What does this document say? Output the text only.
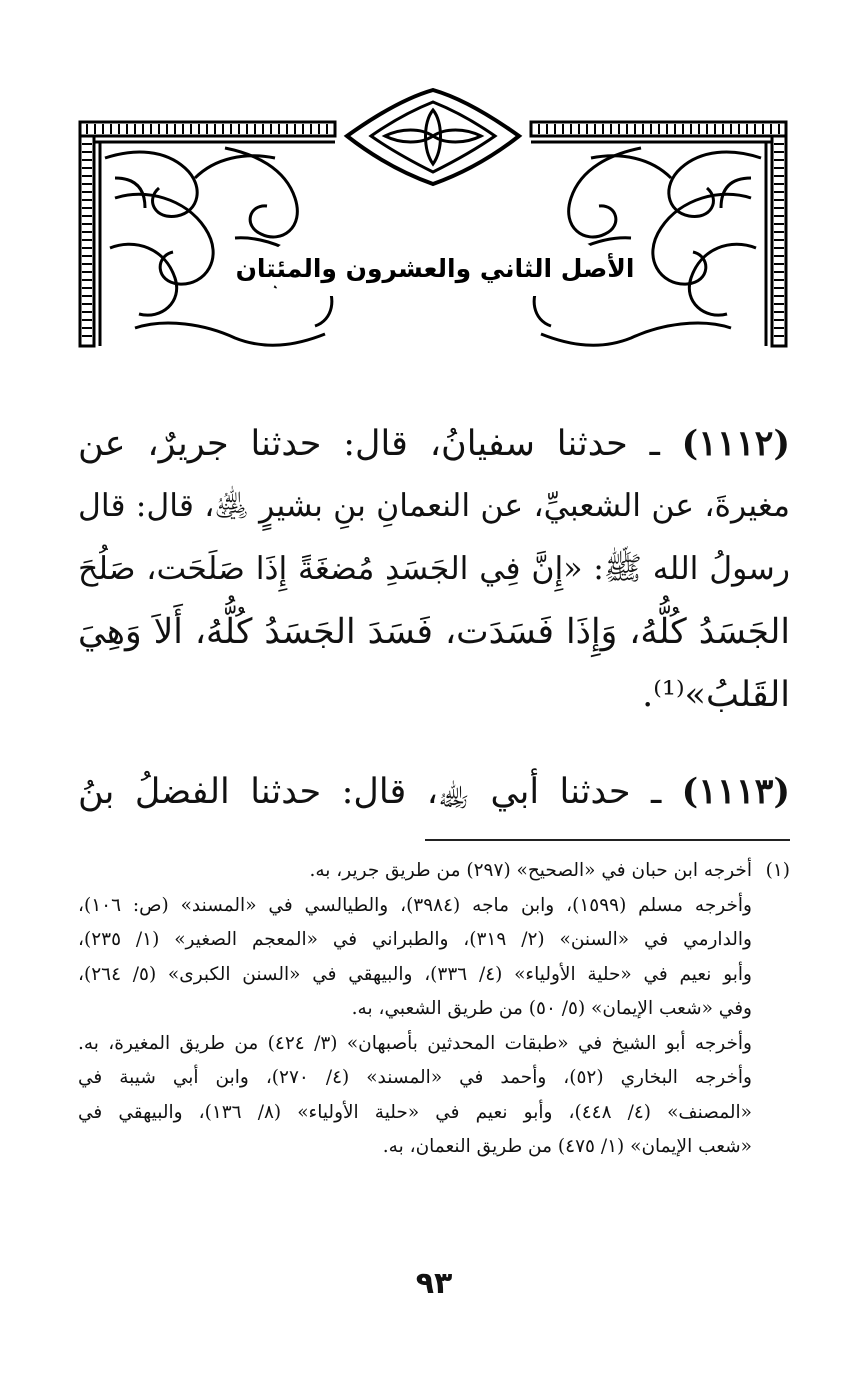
الأصل الثاني والعشرون والمئتان
(١١١٢) ـ حدثنا سفيانُ، قال: حدثنا جريرٌ، عن
مغيرةَ، عن الشعبيِّ، عن النعمانِ بنِ بشيرٍ ﵁، قال: قال
رسولُ الله ﷺ: «إِنَّ فِي الجَسَدِ مُضغَةً إِذَا صَلَحَت، صَلُحَ
الجَسَدُ كُلُّهُ، وَإِذَا فَسَدَت، فَسَدَ الجَسَدُ كُلُّهُ، أَلاَ وَهِيَ
القَلبُ»⁽¹⁾.
(١١١٣) ـ حدثنا أبي ﵀، قال: حدثنا الفضلُ بنُ
(١)أخرجه ابن حبان في «الصحيح» (٢٩٧) من طريق جرير، به.
وأخرجه مسلم (١٥٩٩)، وابن ماجه (٣٩٨٤)، والطيالسي في «المسند» (ص: ١٠٦)،
والدارمي في «السنن» (٢/ ٣١٩)، والطبراني في «المعجم الصغير» (١/ ٢٣٥)،
وأبو نعيم في «حلية الأولياء» (٤/ ٣٣٦)، والبيهقي في «السنن الكبرى» (٥/ ٢٦٤)،
وفي «شعب الإيمان» (٥/ ٥٠) من طريق الشعبي، به.
وأخرجه أبو الشيخ في «طبقات المحدثين بأصبهان» (٣/ ٤٢٤) من طريق المغيرة، به.
وأخرجه البخاري (٥٢)، وأحمد في «المسند» (٤/ ٢٧٠)، وابن أبي شيبة في
«المصنف» (٤/ ٤٤٨)، وأبو نعيم في «حلية الأولياء» (٨/ ١٣٦)، والبيهقي في
«شعب الإيمان» (١/ ٤٧٥) من طريق النعمان، به.
٩٣
